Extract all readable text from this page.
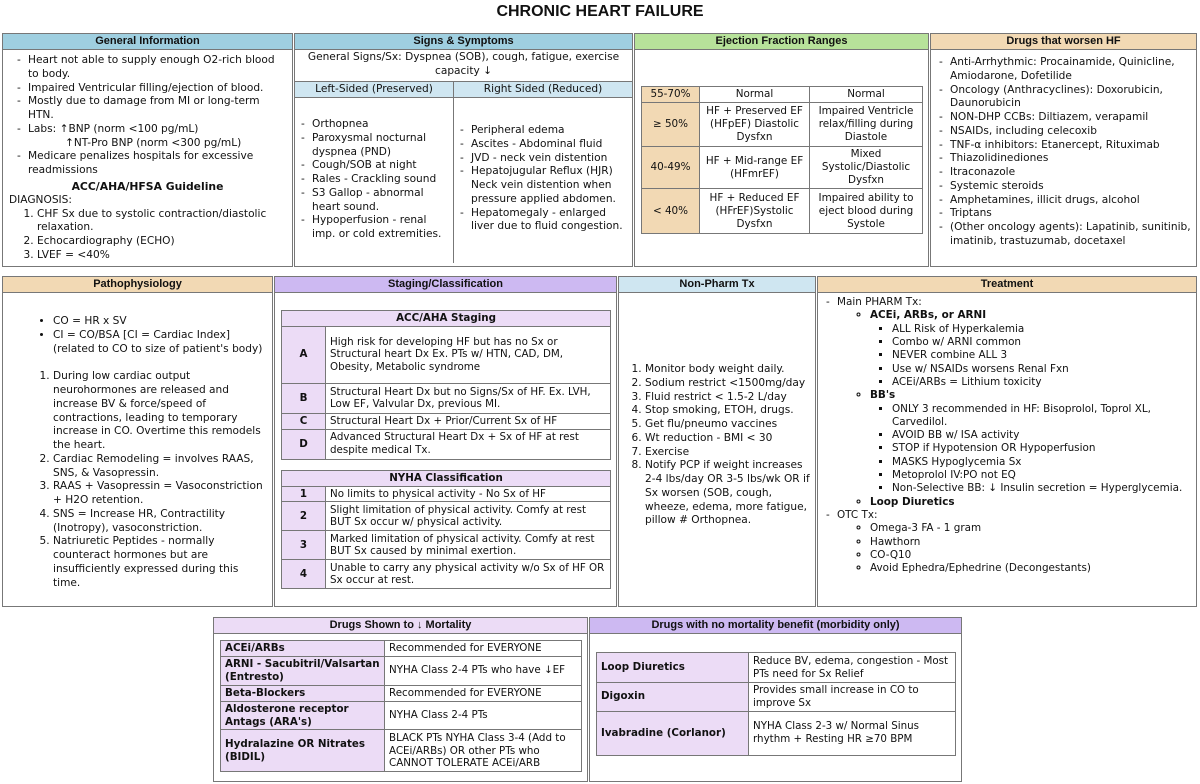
CHRONIC HEART FAILURE
General Information
- Heart not able to supply enough O2-rich blood to body.
- Impaired Ventricular filling/ejection of blood.
- Mostly due to damage from MI or long-term HTN.
- Labs: ↑BNP (norm <100 pg/mL)
↑NT-Pro BNP (norm <300 pg/mL)
- Medicare penalizes hospitals for excessive readmissions
ACC/AHA/HFSA Guideline
DIAGNOSIS:
1. CHF Sx due to systolic contraction/diastolic relaxation.
2. Echocardiography (ECHO)
3. LVEF = <40%
Signs & Symptoms
General Signs/Sx: Dyspnea (SOB), cough, fatigue, exercise capacity ↓
Left-Sided (Preserved)	Right Sided (Reduced)
- Orthopnea
- Paroxysmal nocturnal dyspnea (PND)
- Cough/SOB at night
- Rales - Crackling sound
- S3 Gallop - abnormal heart sound.
- Hypoperfusion - renal imp. or cold extremities.
- Peripheral edema
- Ascites - Abdominal fluid
- JVD - neck vein distention
- Hepatojugular Reflux (HJR) Neck vein distention when pressure applied abdomen.
- Hepatomegaly - enlarged liver due to fluid congestion.
Ejection Fraction Ranges
55-70%	Normal	Normal
≥ 50%	HF + Preserved EF (HFpEF) Diastolic Dysfxn	Impaired Ventricle relax/filling during Diastole
40-49%	HF + Mid-range EF (HFmrEF)	Mixed Systolic/Diastolic Dysfxn
< 40%	HF + Reduced EF (HFrEF)Systolic Dysfxn	Impaired ability to eject blood during Systole
Drugs that worsen HF
- Anti-Arrhythmic: Procainamide, Quinicline, Amiodarone, Dofetilide
- Oncology (Anthracyclines): Doxorubicin, Daunorubicin
- NON-DHP CCBs: Diltiazem, verapamil
- NSAIDs, including celecoxib
- TNF-α inhibitors: Etanercept, Rituximab
- Thiazolidinediones
- Itraconazole
- Systemic steroids
- Amphetamines, illicit drugs, alcohol
- Triptans
- (Other oncology agents): Lapatinib, sunitinib, imatinib, trastuzumab, docetaxel
Pathophysiology
• CO = HR x SV
• CI = CO/BSA [CI = Cardiac Index] (related to CO to size of patient's body)
1. During low cardiac output neurohormones are released and increase BV & force/speed of contractions, leading to temporary increase in CO. Overtime this remodels the heart.
2. Cardiac Remodeling = involves RAAS, SNS, & Vasopressin.
3. RAAS + Vasopressin = Vasoconstriction + H2O retention.
4. SNS = Increase HR, Contractility (Inotropy), vasoconstriction.
5. Natriuretic Peptides - normally counteract hormones but are insufficiently expressed during this time.
Staging/Classification
ACC/AHA Staging	
A	High risk for developing HF but has no Sx or Structural heart Dx Ex. PTs w/ HTN, CAD, DM, Obesity, Metabolic syndrome
B	Structural Heart Dx but no Signs/Sx of HF. Ex. LVH, Low EF, Valvular Dx, previous MI.
C	Structural Heart Dx + Prior/Current Sx of HF
D	Advanced Structural Heart Dx + Sx of HF at rest despite medical Tx.
NYHA Classification	
1	No limits to physical activity - No Sx of HF
2	Slight limitation of physical activity. Comfy at rest BUT Sx occur w/ physical activity.
3	Marked limitation of physical activity. Comfy at rest BUT Sx caused by minimal exertion.
4	Unable to carry any physical activity w/o Sx of HF OR Sx occur at rest.
Non-Pharm Tx
1. Monitor body weight daily.
2. Sodium restrict <1500mg/day
3. Fluid restrict < 1.5-2 L/day
4. Stop smoking, ETOH, drugs.
5. Get flu/pneumo vaccines
6. Wt reduction - BMI < 30
7. Exercise
8. Notify PCP if weight increases 2-4 lbs/day OR 3-5 lbs/wk OR if Sx worsen (SOB, cough, wheeze, edema, more fatigue, pillow # Orthopnea.
Treatment
- Main PHARM Tx:
◦ ACEi, ARBs, or ARNI
▪ ALL Risk of Hyperkalemia
▪ Combo w/ ARNI common
▪ NEVER combine ALL 3
▪ Use w/ NSAIDs worsens Renal Fxn
▪ ACEi/ARBs = Lithium toxicity
◦ BB's
▪ ONLY 3 recommended in HF: Bisoprolol, Toprol XL, Carvedilol.
▪ AVOID BB w/ ISA activity
▪ STOP if Hypotension OR Hypoperfusion
▪ MASKS Hypoglycemia Sx
▪ Metoprolol IV:PO not EQ
▪ Non-Selective BB: ↓ Insulin secretion = Hyperglycemia.
◦ Loop Diuretics
- OTC Tx:
◦ Omega-3 FA - 1 gram
◦ Hawthorn
◦ CO-Q10
◦ Avoid Ephedra/Ephedrine (Decongestants)
Drugs Shown to ↓ Mortality
ACEi/ARBs	Recommended for EVERYONE
ARNI - Sacubitril/Valsartan (Entresto)	NYHA Class 2-4 PTs who have ↓EF
Beta-Blockers	Recommended for EVERYONE
Aldosterone receptor Antags (ARA's)	NYHA Class 2-4 PTs
Hydralazine OR Nitrates (BIDIL)	BLACK PTs NYHA Class 3-4 (Add to ACEi/ARBs) OR other PTs who CANNOT TOLERATE ACEi/ARB
Drugs with no mortality benefit (morbidity only)
Loop Diuretics	Reduce BV, edema, congestion - Most PTs need for Sx Relief
Digoxin	Provides small increase in CO to improve Sx
Ivabradine (Corlanor)	NYHA Class 2-3 w/ Normal Sinus rhythm + Resting HR ≥70 BPM
